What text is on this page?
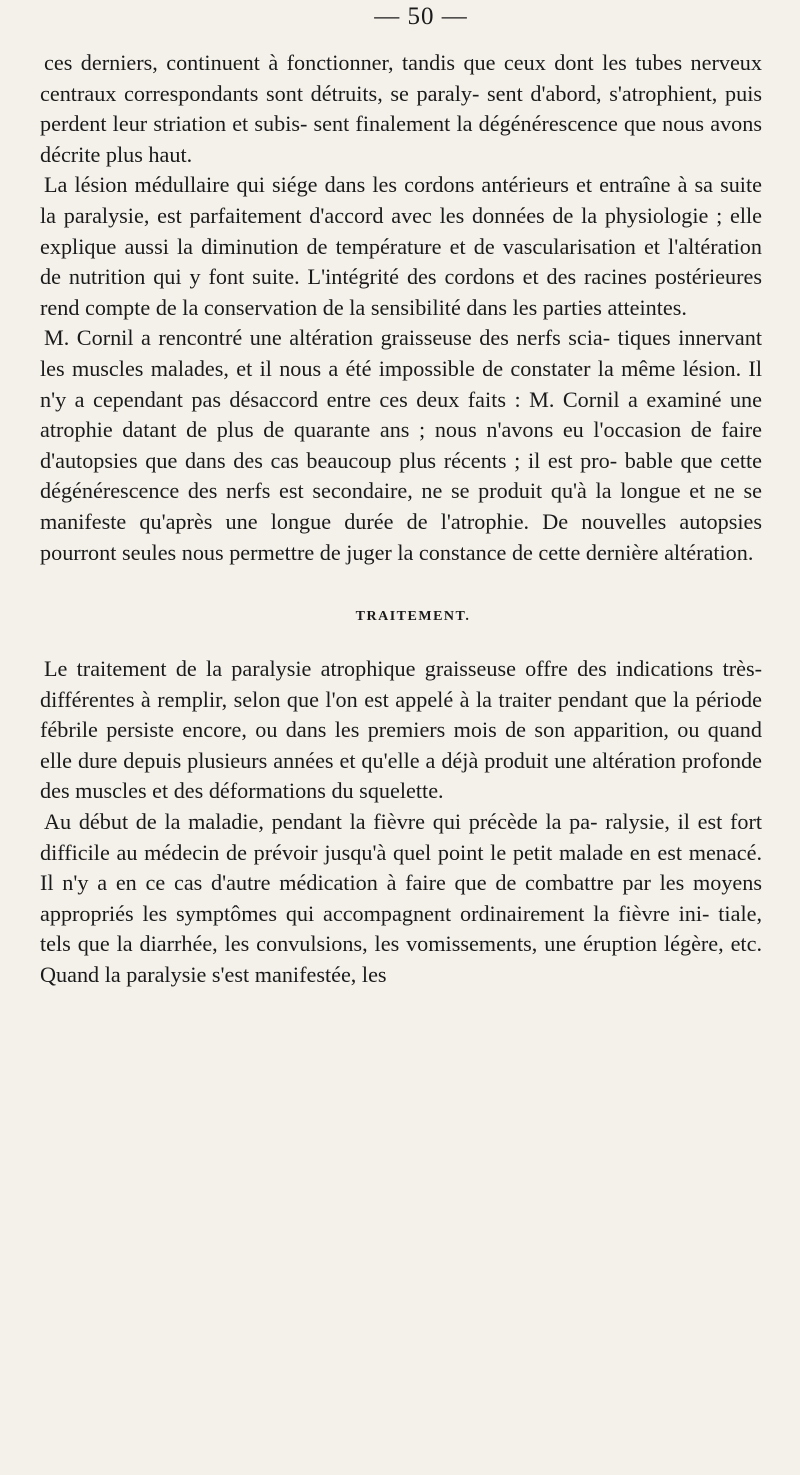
— 50 —

ces derniers, continuent à fonctionner, tandis que ceux dont les tubes nerveux centraux correspondants sont détruits, se paraly- sent d'abord, s'atrophient, puis perdent leur striation et subis- sent finalement la dégénérescence que nous avons décrite plus haut.

La lésion médullaire qui siége dans les cordons antérieurs et entraîne à sa suite la paralysie, est parfaitement d'accord avec les données de la physiologie ; elle explique aussi la diminution de température et de vascularisation et l'altération de nutrition qui y font suite. L'intégrité des cordons et des racines postérieures rend compte de la conservation de la sensibilité dans les parties atteintes.

M. Cornil a rencontré une altération graisseuse des nerfs scia- tiques innervant les muscles malades, et il nous a été impossible de constater la même lésion. Il n'y a cependant pas désaccord entre ces deux faits : M. Cornil a examiné une atrophie datant de plus de quarante ans ; nous n'avons eu l'occasion de faire d'autopsies que dans des cas beaucoup plus récents ; il est pro- bable que cette dégénérescence des nerfs est secondaire, ne se produit qu'à la longue et ne se manifeste qu'après une longue durée de l'atrophie. De nouvelles autopsies pourront seules nous permettre de juger la constance de cette dernière altération.

TRAITEMENT.

Le traitement de la paralysie atrophique graisseuse offre des indications très-différentes à remplir, selon que l'on est appelé à la traiter pendant que la période fébrile persiste encore, ou dans les premiers mois de son apparition, ou quand elle dure depuis plusieurs années et qu'elle a déjà produit une altération profonde des muscles et des déformations du squelette.

Au début de la maladie, pendant la fièvre qui précède la pa- ralysie, il est fort difficile au médecin de prévoir jusqu'à quel point le petit malade en est menacé. Il n'y a en ce cas d'autre médication à faire que de combattre par les moyens appropriés les symptômes qui accompagnent ordinairement la fièvre ini- tiale, tels que la diarrhée, les convulsions, les vomissements, une éruption légère, etc. Quand la paralysie s'est manifestée, les
